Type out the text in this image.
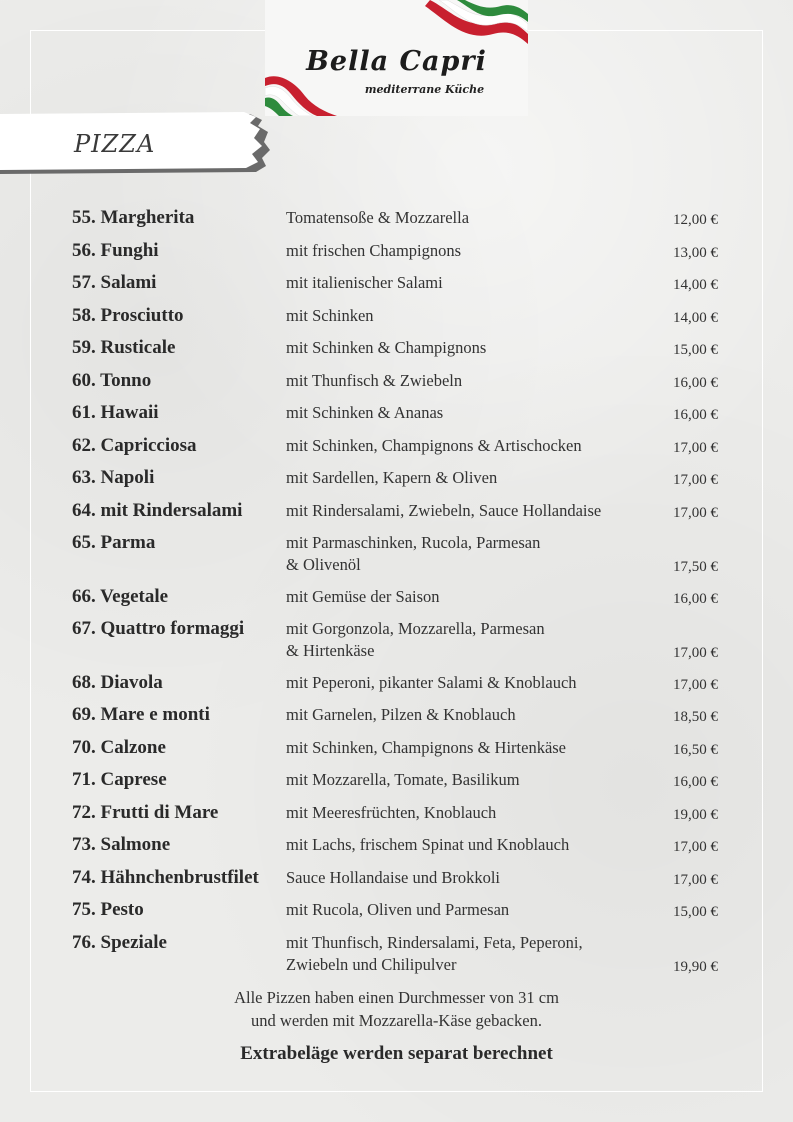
Bella Capri
mediterrane Küche
PIZZA
55. Margherita	Tomatensoße & Mozzarella	12,00 €
56. Funghi	mit frischen Champignons	13,00 €
57. Salami	mit italienischer Salami	14,00 €
58. Prosciutto	mit Schinken	14,00 €
59. Rusticale	mit Schinken & Champignons	15,00 €
60. Tonno	mit Thunfisch & Zwiebeln	16,00 €
61. Hawaii	mit Schinken & Ananas	16,00 €
62. Capricciosa	mit Schinken, Champignons & Artischocken	17,00 €
63. Napoli	mit Sardellen, Kapern & Oliven	17,00 €
64. mit Rindersalami	mit Rindersalami, Zwiebeln, Sauce Hollandaise	17,00 €
65. Parma	mit Parmaschinken, Rucola, Parmesan
& Olivenöl	17,50 €
66. Vegetale	mit Gemüse der Saison	16,00 €
67. Quattro formaggi	mit Gorgonzola, Mozzarella, Parmesan
& Hirtenkäse	17,00 €
68. Diavola	mit Peperoni, pikanter Salami & Knoblauch	17,00 €
69. Mare e monti	mit Garnelen, Pilzen & Knoblauch	18,50 €
70. Calzone	mit Schinken, Champignons & Hirtenkäse	16,50 €
71. Caprese	mit Mozzarella, Tomate, Basilikum	16,00 €
72. Frutti di Mare	mit Meeresfrüchten, Knoblauch	19,00 €
73. Salmone	mit Lachs, frischem Spinat und Knoblauch	17,00 €
74. Hähnchenbrustfilet	Sauce Hollandaise und Brokkoli	17,00 €
75. Pesto	mit Rucola, Oliven und Parmesan	15,00 €
76. Speziale	mit Thunfisch, Rindersalami, Feta, Peperoni,
Zwiebeln und Chilipulver	19,90 €
Alle Pizzen haben einen Durchmesser von 31 cm
und werden mit Mozzarella-Käse gebacken.
Extrabeläge werden separat berechnet
